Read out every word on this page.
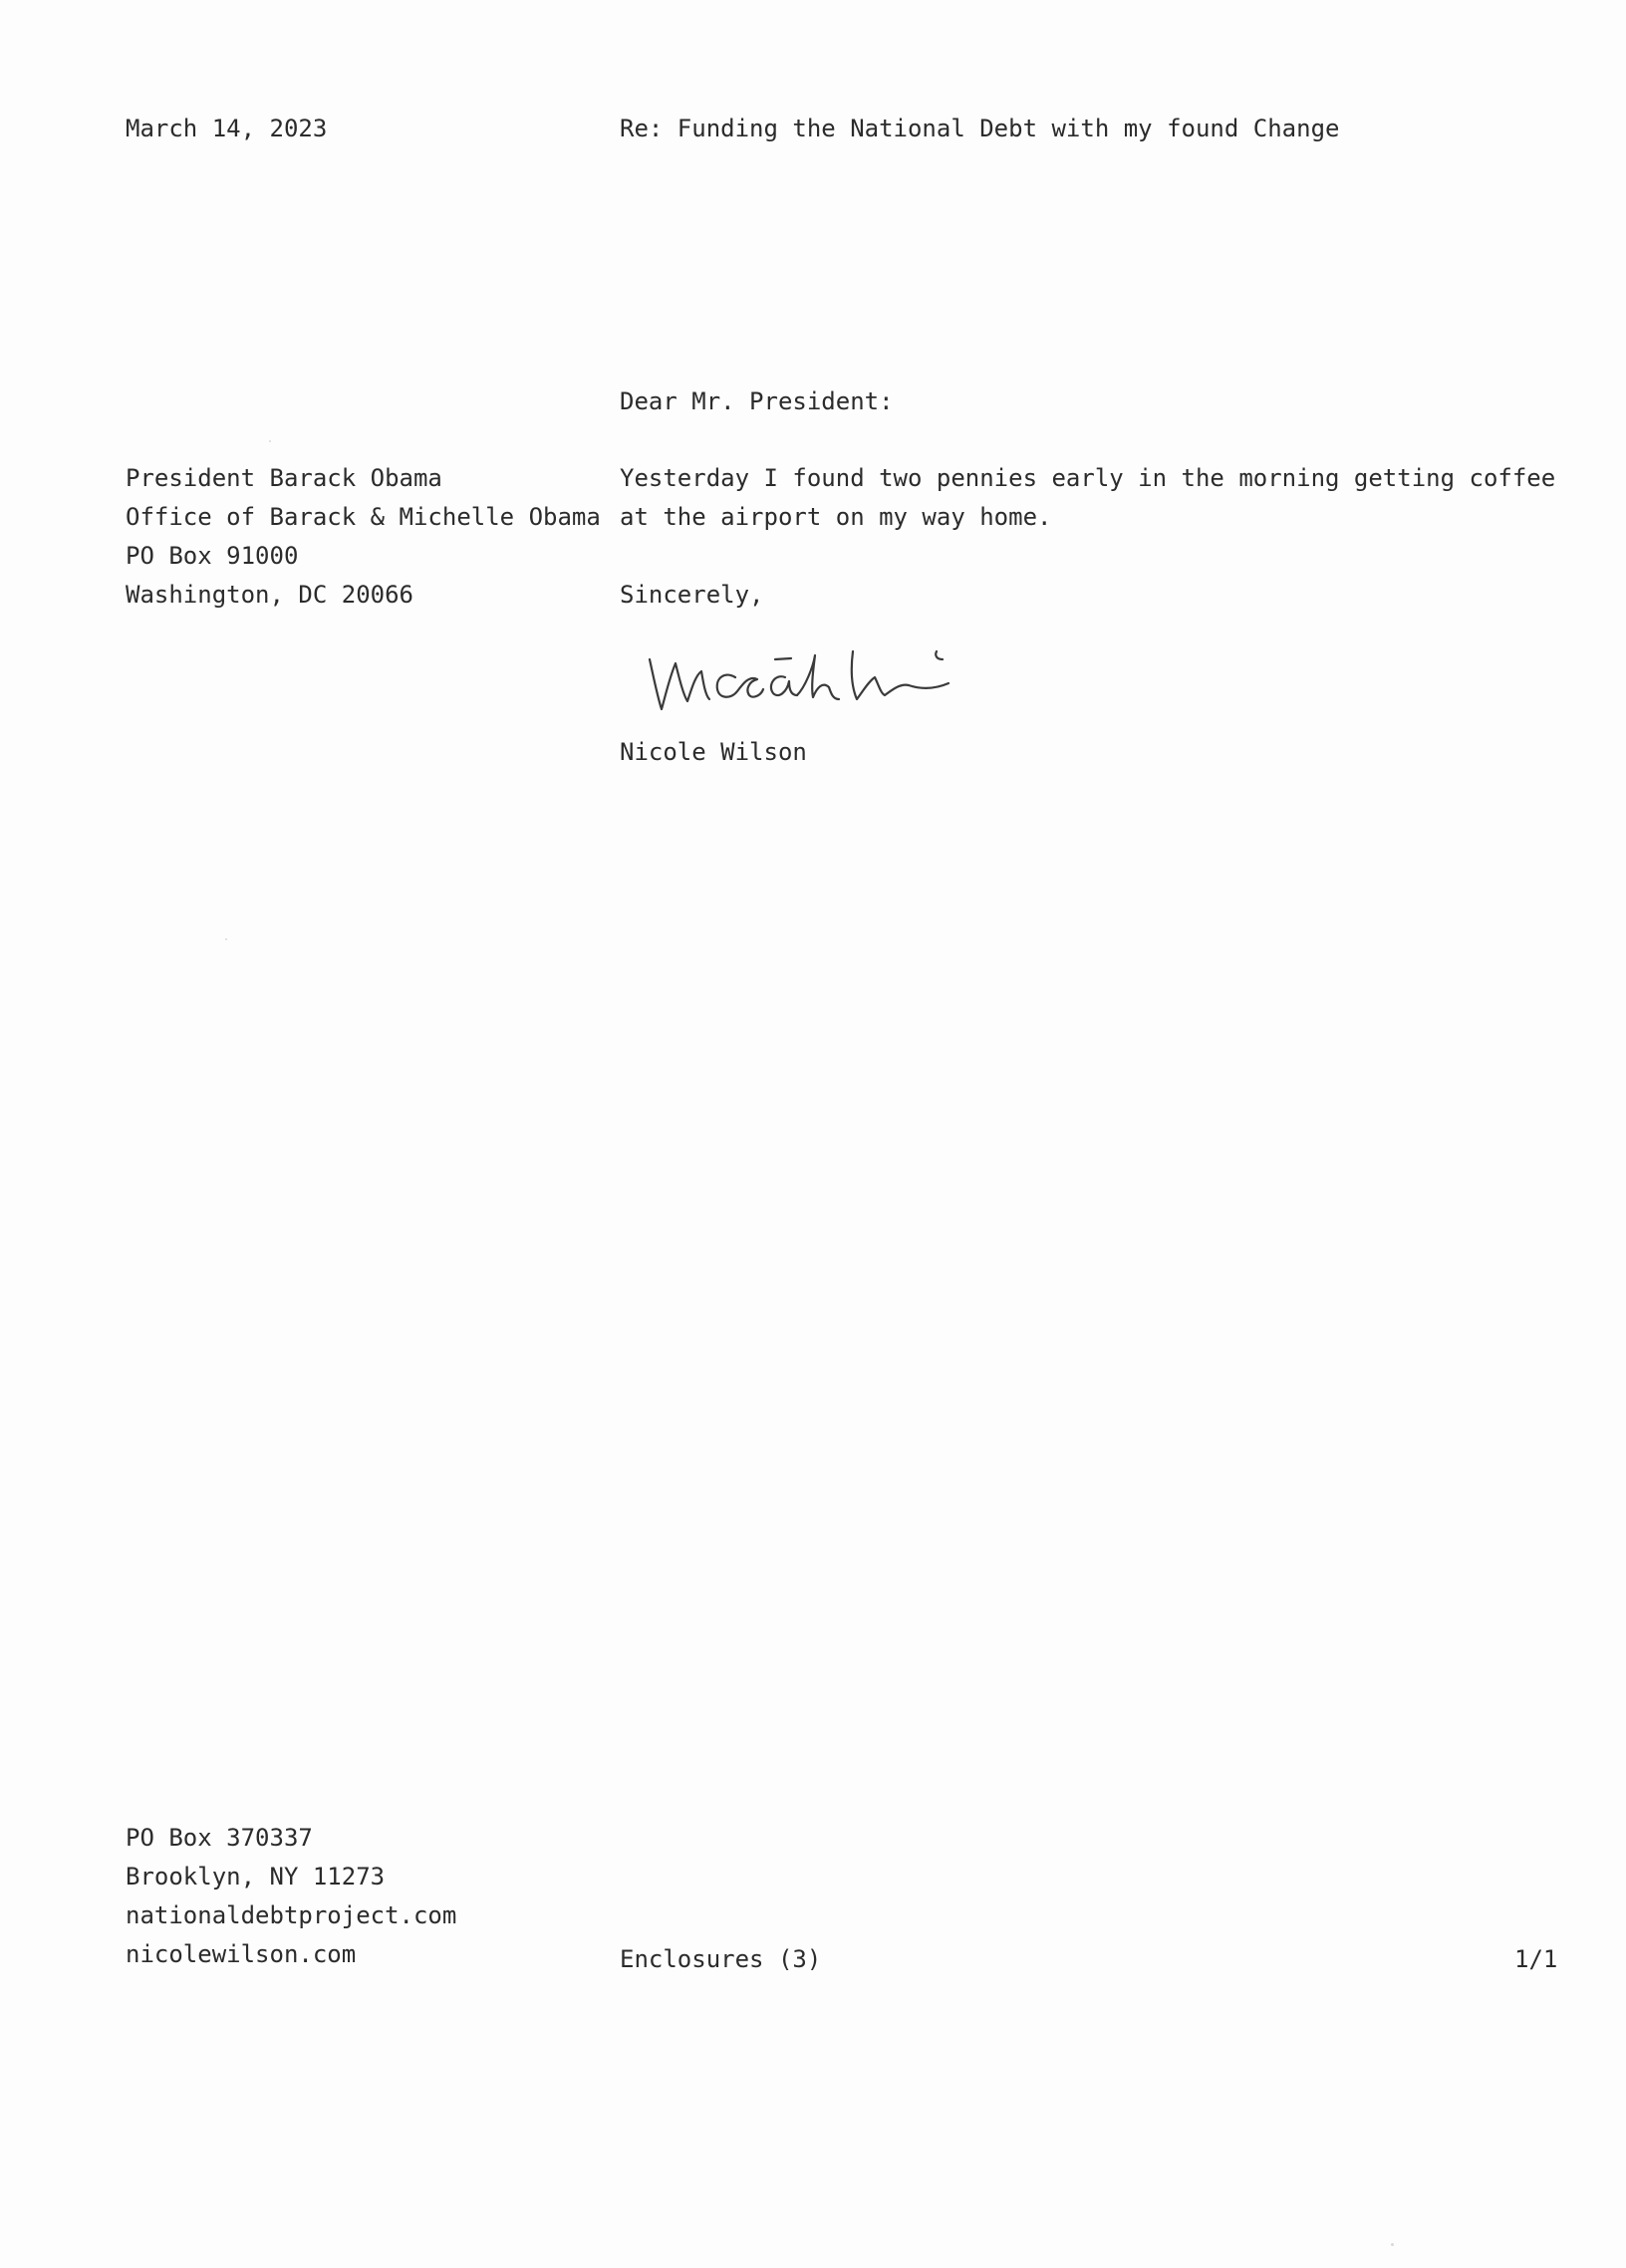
March 14, 2023	Re: Funding the National Debt with my found Change
Dear Mr. President:
President Barack Obama
Office of Barack & Michelle Obama
PO Box 91000
Washington, DC 20066
Yesterday I found two pennies early in the morning getting coffee
at the airport on my way home.
Sincerely,
Nicole Wilson
PO Box 370337
Brooklyn, NY 11273
nationaldebtproject.com
nicolewilson.com	Enclosures (3)	1/1
